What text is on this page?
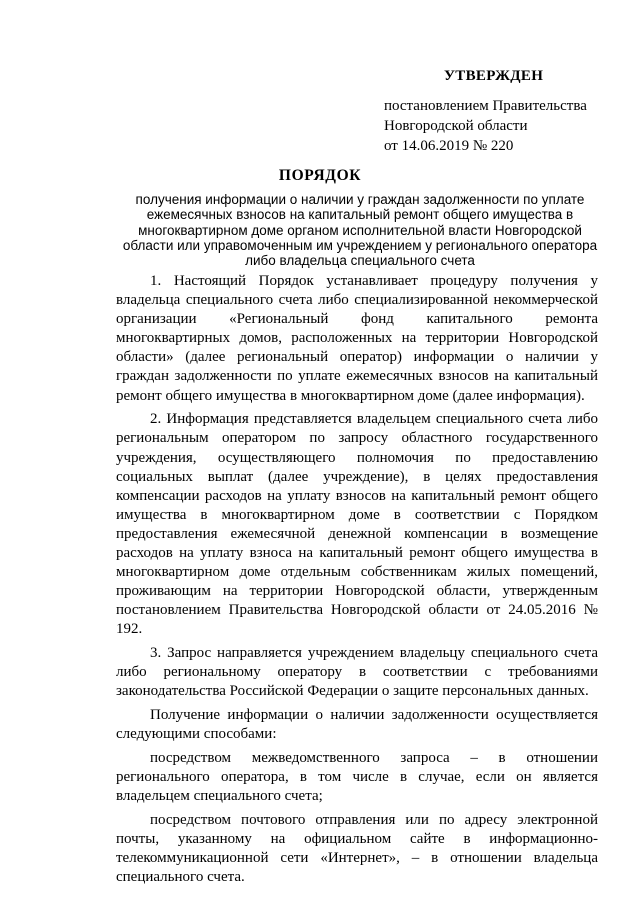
УТВЕРЖДЕН
постановлением Правительства
Новгородской области
от 14.06.2019 № 220
ПОРЯДОК
получения информации о наличии у граждан задолженности по уплате ежемесячных взносов на капитальный ремонт общего имущества в многоквартирном доме органом исполнительной власти Новгородской области или управомоченным им учреждением у регионального оператора либо владельца специального счета

1. Настоящий Порядок устанавливает процедуру получения у владельца специального счета либо специализированной некоммерческой организации «Региональный фонд капитального ремонта многоквартирных домов, расположенных на территории Новгородской области» (далее региональный оператор) информации о наличии у граждан задолженности по уплате ежемесячных взносов на капитальный ремонт общего имущества в многоквартирном доме (далее информация).

2. Информация представляется владельцем специального счета либо региональным оператором по запросу областного государственного учреждения, осуществляющего полномочия по предоставлению социальных выплат (далее учреждение), в целях предоставления компенсации расходов на уплату взносов на капитальный ремонт общего имущества в многоквартирном доме в соответствии с Порядком предоставления ежемесячной денежной компенсации в возмещение расходов на уплату взноса на капитальный ремонт общего имущества в многоквартирном доме отдельным собственникам жилых помещений, проживающим на территории Новгородской области, утвержденным постановлением Правительства Новгородской области от 24.05.2016 № 192.

3. Запрос направляется учреждением владельцу специального счета либо региональному оператору в соответствии с требованиями законодательства Российской Федерации о защите персональных данных.

Получение информации о наличии задолженности осуществляется следующими способами:

посредством межведомственного запроса – в отношении регионального оператора, в том числе в случае, если он является владельцем специального счета;

посредством почтового отправления или по адресу электронной почты, указанному на официальном сайте в информационно-телекоммуникационной сети «Интернет», – в отношении владельца специального счета.
